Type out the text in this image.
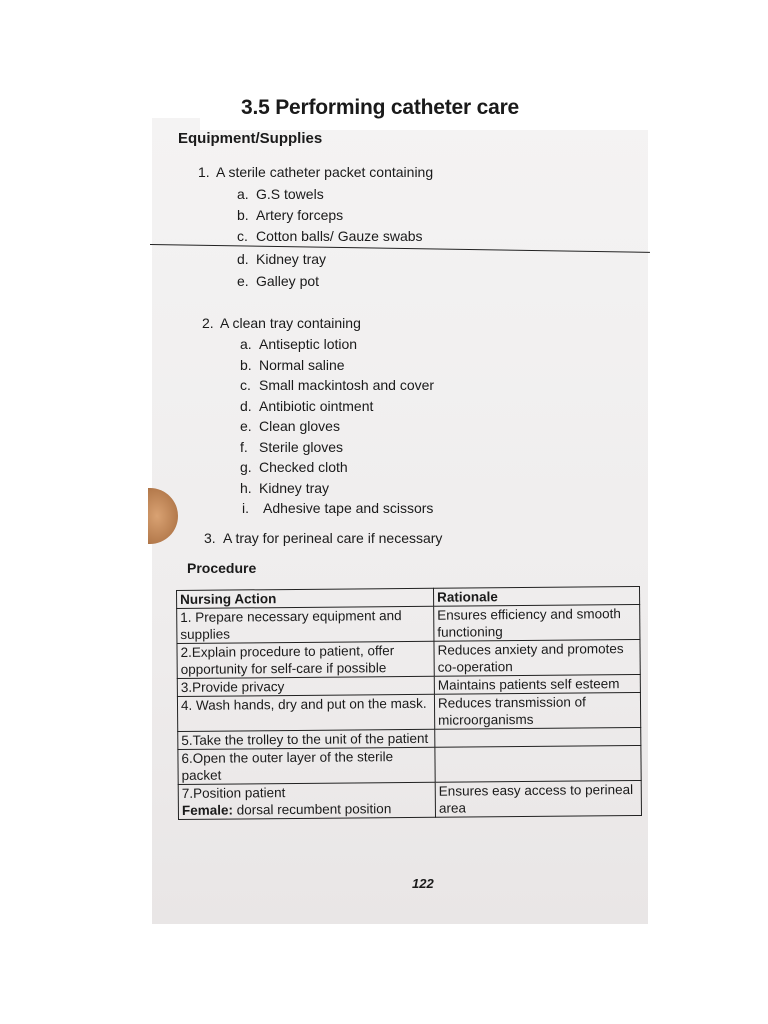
3.5 Performing catheter care
Equipment/Supplies
1. A sterile catheter packet containing
a. G.S towels
b. Artery forceps
c. Cotton balls/ Gauze swabs
d. Kidney tray
e. Galley pot
2. A clean tray containing
a. Antiseptic lotion
b. Normal saline
c. Small mackintosh and cover
d. Antibiotic ointment
e. Clean gloves
f. Sterile gloves
g. Checked cloth
h. Kidney tray
i. Adhesive tape and scissors
3. A tray for perineal care if necessary
Procedure
Nursing Action	Rationale
1. Prepare necessary equipment and supplies	Ensures efficiency and smooth functioning
2.Explain procedure to patient, offer opportunity for self-care if possible	Reduces anxiety and promotes co-operation
3.Provide privacy	Maintains patients self esteem
4. Wash hands, dry and put on the mask.	Reduces transmission of microorganisms
5.Take the trolley to the unit of the patient	
6.Open the outer layer of the sterile packet	
7.Position patient
Female: dorsal recumbent position	Ensures easy access to perineal area
122
